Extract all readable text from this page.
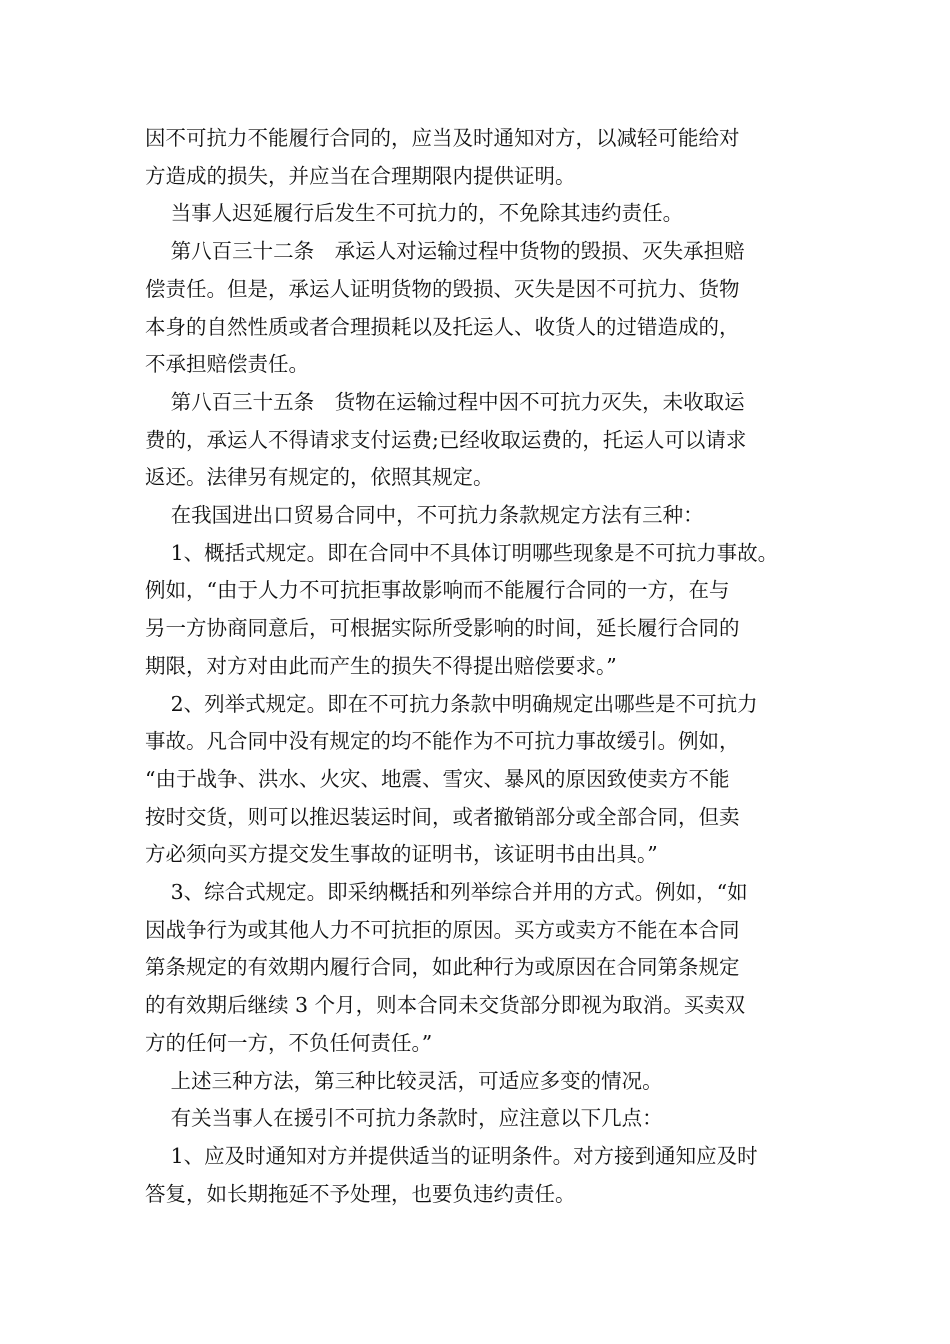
因不可抗力不能履行合同的，应当及时通知对方，以减轻可能给对
方造成的损失，并应当在合理期限内提供证明。

当事人迟延履行后发生不可抗力的，不免除其违约责任。

第八百三十二条　承运人对运输过程中货物的毁损、灭失承担赔
偿责任。但是，承运人证明货物的毁损、灭失是因不可抗力、货物
本身的自然性质或者合理损耗以及托运人、收货人的过错造成的，
不承担赔偿责任。

第八百三十五条　货物在运输过程中因不可抗力灭失，未收取运
费的，承运人不得请求支付运费;已经收取运费的，托运人可以请求
返还。法律另有规定的，依照其规定。

在我国进出口贸易合同中，不可抗力条款规定方法有三种：

1、概括式规定。即在合同中不具体订明哪些现象是不可抗力事故。
例如，“由于人力不可抗拒事故影响而不能履行合同的一方，在与
另一方协商同意后，可根据实际所受影响的时间，延长履行合同的
期限，对方对由此而产生的损失不得提出赔偿要求。”

2、列举式规定。即在不可抗力条款中明确规定出哪些是不可抗力
事故。凡合同中没有规定的均不能作为不可抗力事故缓引。例如，
“由于战争、洪水、火灾、地震、雪灾、暴风的原因致使卖方不能
按时交货，则可以推迟装运时间，或者撤销部分或全部合同，但卖
方必须向买方提交发生事故的证明书，该证明书由出具。”

3、综合式规定。即采纳概括和列举综合并用的方式。例如，“如
因战争行为或其他人力不可抗拒的原因。买方或卖方不能在本合同
第条规定的有效期内履行合同，如此种行为或原因在合同第条规定
的有效期后继续 3 个月，则本合同未交货部分即视为取消。买卖双
方的任何一方，不负任何责任。”

上述三种方法，第三种比较灵活，可适应多变的情况。

有关当事人在援引不可抗力条款时，应注意以下几点：

1、应及时通知对方并提供适当的证明条件。对方接到通知应及时
答复，如长期拖延不予处理，也要负违约责任。
